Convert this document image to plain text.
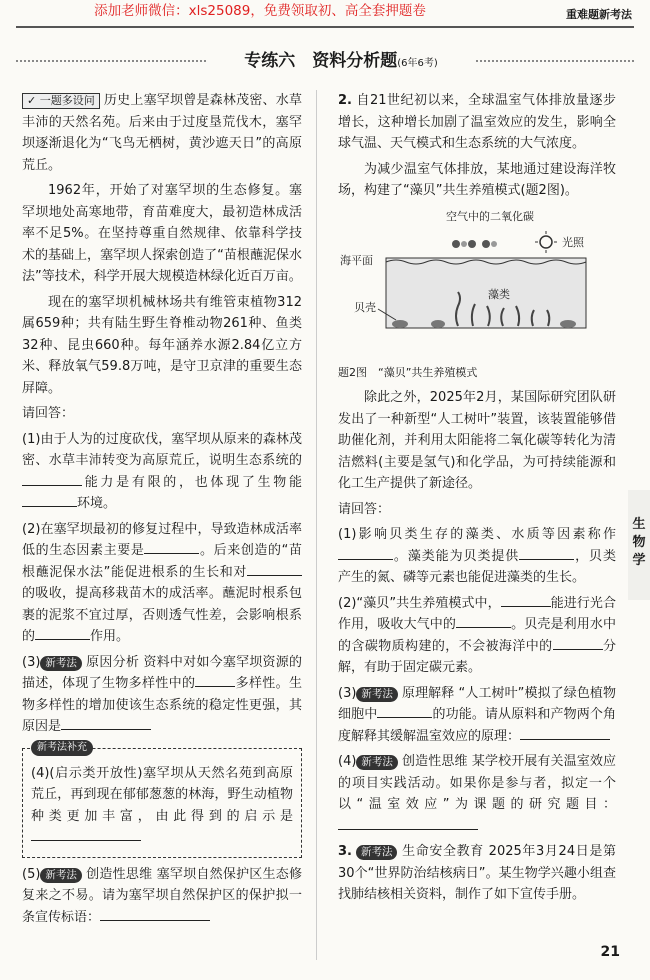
添加老师微信：xls25089，免费领取初、高全套押题卷	重难题新考法
专练六　资料分析题(6年6考)

✓ 一题多设问 历史上塞罕坝曾是森林茂密、水草丰沛的天然名苑。后来由于过度垦荒伐木，塞罕坝逐渐退化为“飞鸟无栖树，黄沙遮天日”的高原荒丘。

1962年，开始了对塞罕坝的生态修复。塞罕坝地处高寒地带，育苗难度大，最初造林成活率不足5%。在坚持尊重自然规律、依靠科学技术的基础上，塞罕坝人探索创造了“苗根蘸泥保水法”等技术，科学开展大规模造林绿化近百万亩。

现在的塞罕坝机械林场共有维管束植物312属659种；共有陆生野生脊椎动物261种、鱼类32种、昆虫660种。每年涵养水源2.84亿立方米、释放氧气59.8万吨，是守卫京津的重要生态屏障。

请回答：

(1)由于人为的过度砍伐，塞罕坝从原来的森林茂密、水草丰沛转变为高原荒丘，说明生态系统的能力是有限的，也体现了生物能环境。

(2)在塞罕坝最初的修复过程中，导致造林成活率低的生态因素主要是	。后来创造的“苗根蘸泥保水法”能促进根系的生长和对的吸收，提高移栽苗木的成活率。蘸泥时根系包裹的泥浆不宜过厚，否则透气性差，会影响根系的	作用。

(3) 新考法 原因分析 资料中对如今塞罕坝资源的描述，体现了生物多样性中的	多样性。生物多样性的增加使该生态系统的稳定性更强，其原因是

新考法补充

(4)(启示类开放性)塞罕坝从天然名苑到高原荒丘，再到现在郁郁葱葱的林海，野生动植物种类更加丰富，由此得到的启示是

(5) 新考法 创造性思维 塞罕坝自然保护区生态修复来之不易。请为塞罕坝自然保护区的保护拟一条宣传标语：

2. 自21世纪初以来，全球温室气体排放量逐步增长，这种增长加剧了温室效应的发生，影响全球气温、天气模式和生态系统的大气浓度。

为减少温室气体排放，某地通过建设海洋牧场，构建了“藻贝”共生养殖模式(题2图)。

空气中的二氧化碳
光照
海平面
藻类
贝壳

题2图　“藻贝”共生养殖模式

除此之外，2025年2月，某国际研究团队研发出了一种新型“人工树叶”装置，该装置能够借助催化剂，并利用太阳能将二氧化碳等转化为清洁燃料(主要是氢气)和化学品，为可持续能源和化工生产提供了新途径。

请回答：

(1)影响贝类生存的藻类、水质等因素称作。藻类能为贝类提供	，贝类产生的氮、磷等元素也能促进藻类的生长。

(2)“藻贝”共生养殖模式中，	能进行光合作用，吸收大气中的	。贝壳是利用水中的含碳物质构建的，不会被海洋中的	分解，有助于固定碳元素。

(3) 新考法 原理解释 “人工树叶”模拟了绿色植物细胞中	的功能。请从原料和产物两个角度解释其缓解温室效应的原理：

(4) 新考法 创造性思维 某学校开展有关温室效应的项目实践活动。如果你是参与者，拟定一个以“温室效应”为课题的研究题目：

3. 新考法 生命安全教育 2025年3月24日是第30个“世界防治结核病日”。某生物学兴趣小组查找肺结核相关资料，制作了如下宣传手册。

生物学
21
